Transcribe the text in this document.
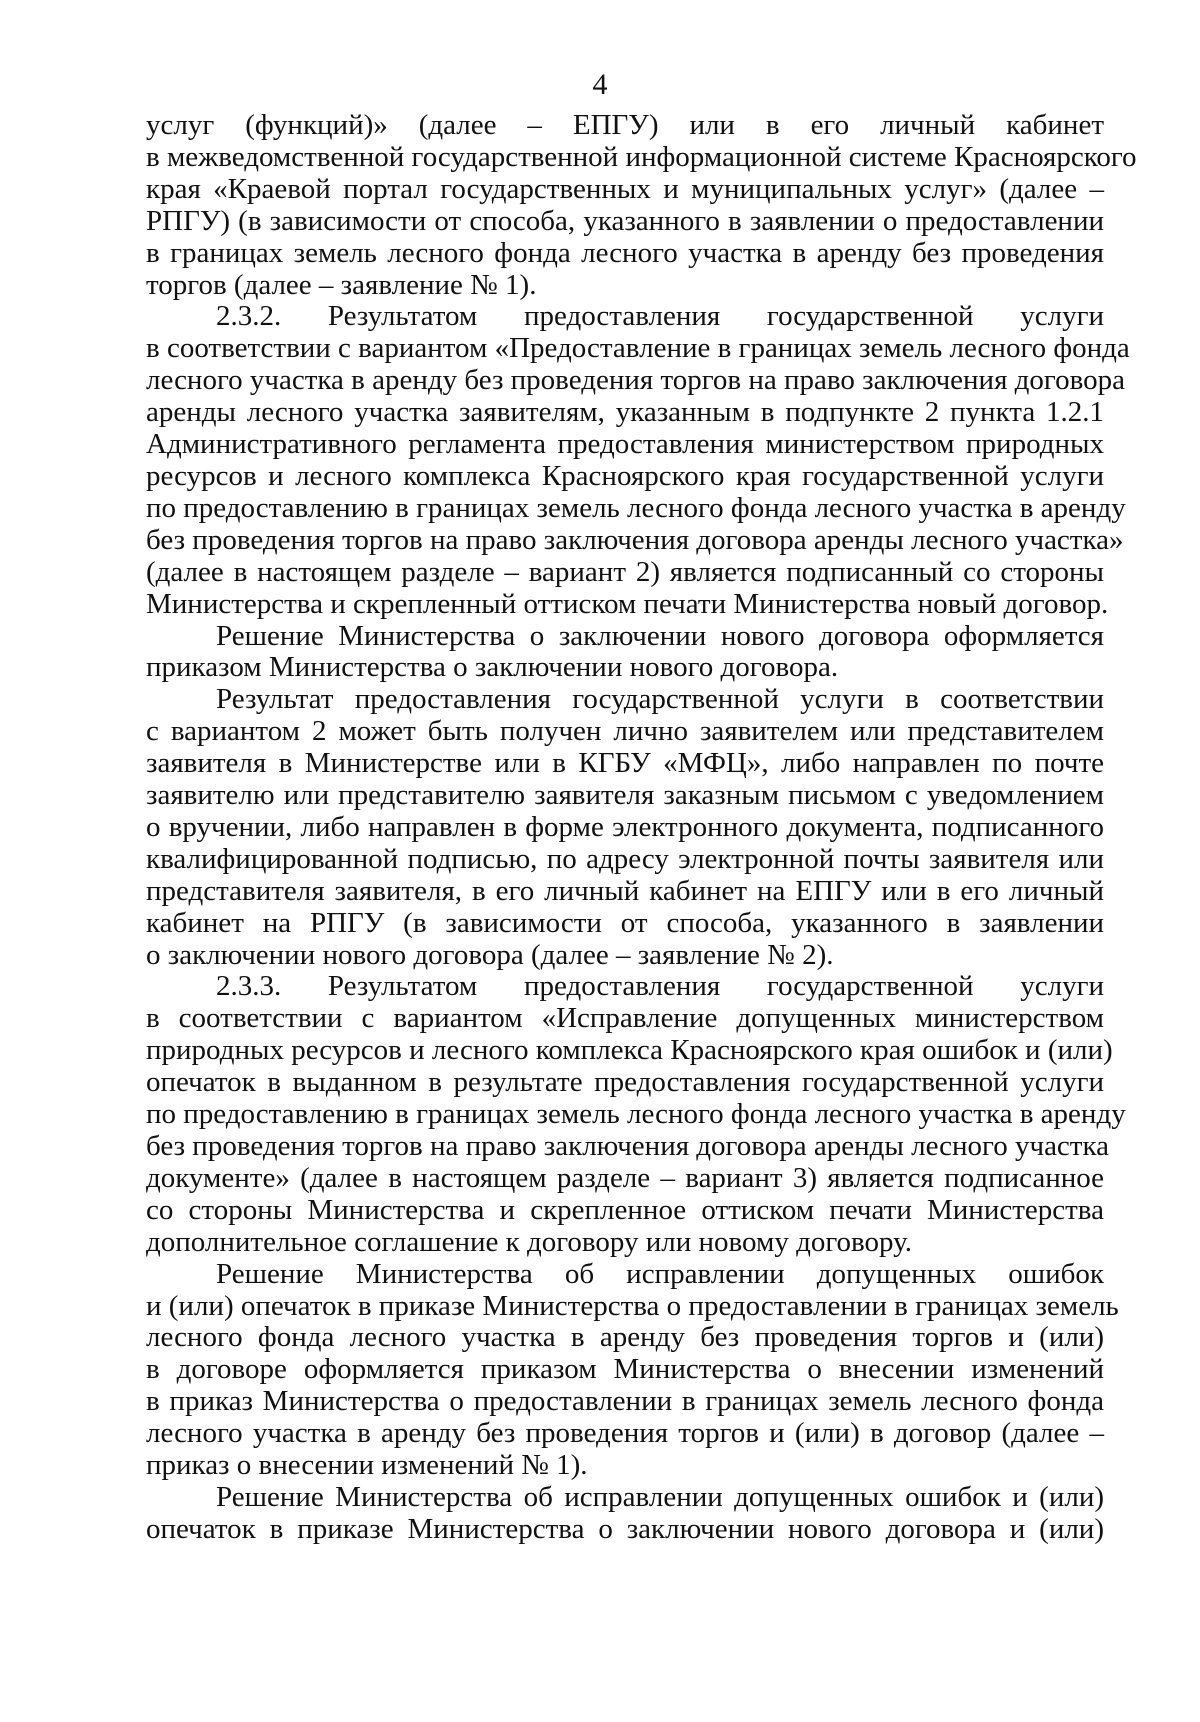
4
услуг (функций)» (далее – ЕПГУ) или в его личный кабинет
в межведомственной государственной информационной системе Красноярского
края «Краевой портал государственных и муниципальных услуг» (далее –
РПГУ) (в зависимости от способа, указанного в заявлении о предоставлении
в границах земель лесного фонда лесного участка в аренду без проведения
торгов (далее – заявление № 1).
2.3.2. Результатом предоставления государственной услуги
в соответствии с вариантом «Предоставление в границах земель лесного фонда
лесного участка в аренду без проведения торгов на право заключения договора
аренды лесного участка заявителям, указанным в подпункте 2 пункта 1.2.1
Административного регламента предоставления министерством природных
ресурсов и лесного комплекса Красноярского края государственной услуги
по предоставлению в границах земель лесного фонда лесного участка в аренду
без проведения торгов на право заключения договора аренды лесного участка»
(далее в настоящем разделе – вариант 2) является подписанный со стороны
Министерства и скрепленный оттиском печати Министерства новый договор.
Решение Министерства о заключении нового договора оформляется
приказом Министерства о заключении нового договора.
Результат предоставления государственной услуги в соответствии
с вариантом 2 может быть получен лично заявителем или представителем
заявителя в Министерстве или в КГБУ «МФЦ», либо направлен по почте
заявителю или представителю заявителя заказным письмом с уведомлением
о вручении, либо направлен в форме электронного документа, подписанного
квалифицированной подписью, по адресу электронной почты заявителя или
представителя заявителя, в его личный кабинет на ЕПГУ или в его личный
кабинет на РПГУ (в зависимости от способа, указанного в заявлении
о заключении нового договора (далее – заявление № 2).
2.3.3. Результатом предоставления государственной услуги
в соответствии с вариантом «Исправление допущенных министерством
природных ресурсов и лесного комплекса Красноярского края ошибок и (или)
опечаток в выданном в результате предоставления государственной услуги
по предоставлению в границах земель лесного фонда лесного участка в аренду
без проведения торгов на право заключения договора аренды лесного участка
документе» (далее в настоящем разделе – вариант 3) является подписанное
со стороны Министерства и скрепленное оттиском печати Министерства
дополнительное соглашение к договору или новому договору.
Решение Министерства об исправлении допущенных ошибок
и (или) опечаток в приказе Министерства о предоставлении в границах земель
лесного фонда лесного участка в аренду без проведения торгов и (или)
в договоре оформляется приказом Министерства о внесении изменений
в приказ Министерства о предоставлении в границах земель лесного фонда
лесного участка в аренду без проведения торгов и (или) в договор (далее –
приказ о внесении изменений № 1).
Решение Министерства об исправлении допущенных ошибок и (или)
опечаток в приказе Министерства о заключении нового договора и (или)
